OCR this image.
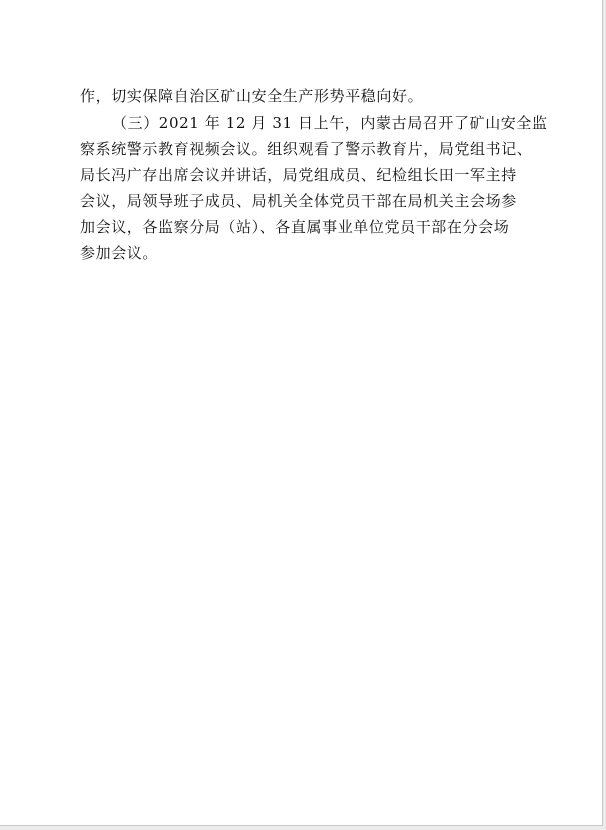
作，切实保障自治区矿山安全生产形势平稳向好。
（三）2021 年 12 月 31 日上午，内蒙古局召开了矿山安全监
察系统警示教育视频会议。组织观看了警示教育片，局党组书记、
局长冯广存出席会议并讲话，局党组成员、纪检组长田一军主持
会议，局领导班子成员、局机关全体党员干部在局机关主会场参
加会议，各监察分局（站）、各直属事业单位党员干部在分会场
参加会议。
